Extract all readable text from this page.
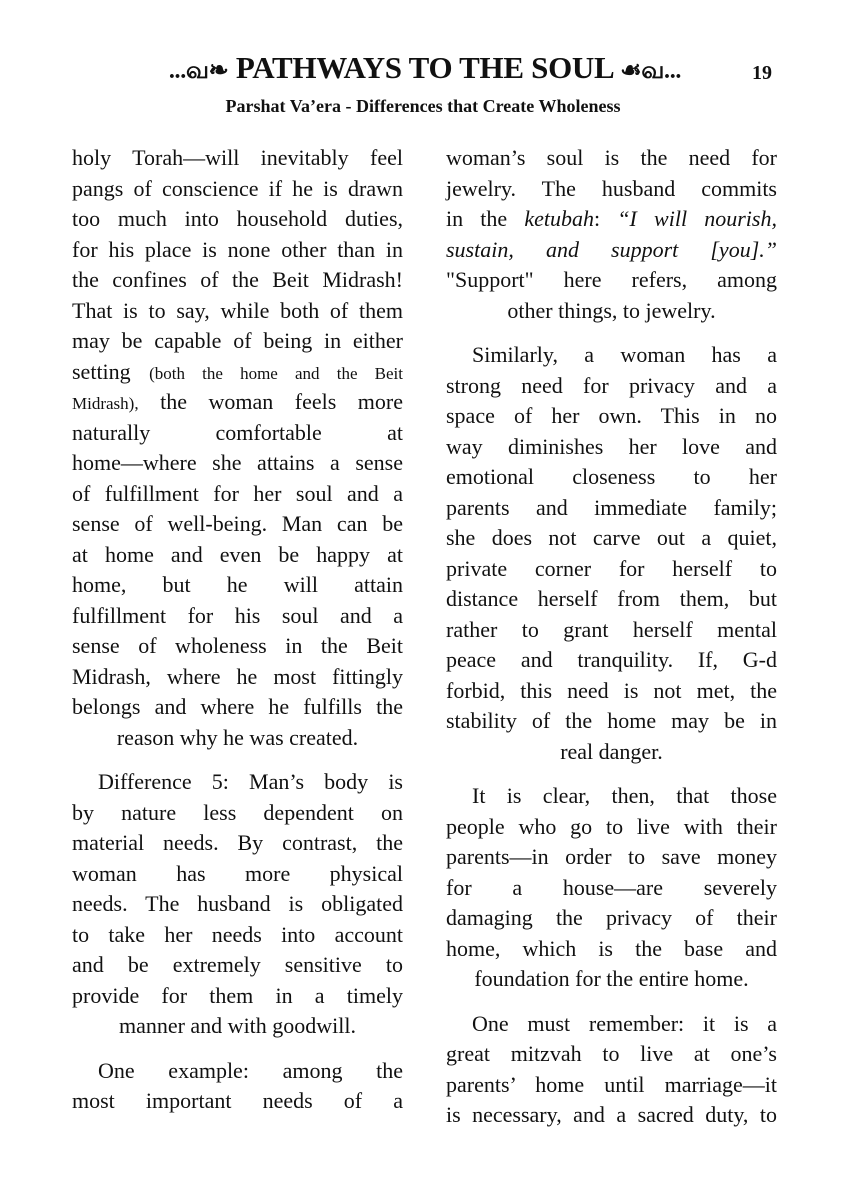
...வ❧ PATHWAYS TO THE SOUL ☙வ...	19
Parshat Va’era - Differences that Create Wholeness
holy Torah—will inevitably feel
pangs of conscience if he is drawn
too much into household duties,
for his place is none other than in
the confines of the Beit Midrash!
That is to say, while both of them
may be capable of being in either
setting (both the home and the Beit
Midrash), the woman feels more
naturally comfortable at
home—where she attains a sense
of fulfillment for her soul and a
sense of well-being. Man can be
at home and even be happy at
home, but he will attain
fulfillment for his soul and a
sense of wholeness in the Beit
Midrash, where he most fittingly
belongs and where he fulfills the
reason why he was created.
Difference 5: Man’s body is
by nature less dependent on
material needs. By contrast, the
woman has more physical
needs. The husband is obligated
to take her needs into account
and be extremely sensitive to
provide for them in a timely
manner and with goodwill.
One example: among the
most important needs of a
woman’s soul is the need for
jewelry. The husband commits
in the ketubah: “I will nourish,
sustain, and support [you].”
"Support" here refers, among
other things, to jewelry.
Similarly, a woman has a
strong need for privacy and a
space of her own. This in no
way diminishes her love and
emotional closeness to her
parents and immediate family;
she does not carve out a quiet,
private corner for herself to
distance herself from them, but
rather to grant herself mental
peace and tranquility. If, G-d
forbid, this need is not met, the
stability of the home may be in
real danger.
It is clear, then, that those
people who go to live with their
parents—in order to save money
for a house—are severely
damaging the privacy of their
home, which is the base and
foundation for the entire home.
One must remember: it is a
great mitzvah to live at one’s
parents’ home until marriage—it
is necessary, and a sacred duty, to
